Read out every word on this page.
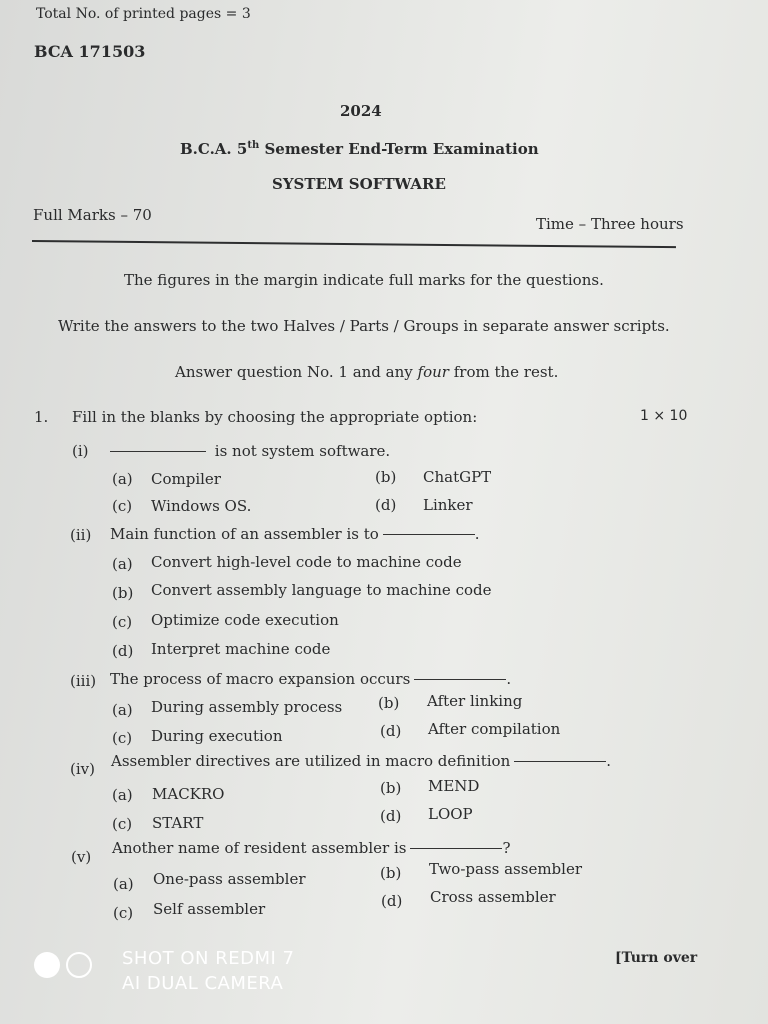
Total No. of printed pages = 3
BCA 171503
2024
B.C.A. 5th Semester End-Term Examination
SYSTEM SOFTWARE
Full Marks – 70	Time – Three hours
The figures in the margin indicate full marks for the questions.
Write the answers to the two Halves / Parts / Groups in separate answer scripts.
Answer question No. 1 and any four from the rest.
1. Fill in the blanks by choosing the appropriate option:	1 × 10
(i)	is not system software.
(a) Compiler	(b) ChatGPT
(c) Windows OS.	(d) Linker
(ii) Main function of an assembler is to	.
(a) Convert high-level code to machine code
(b) Convert assembly language to machine code
(c) Optimize code execution
(d) Interpret machine code
(iii) The process of macro expansion occurs	.
(a) During assembly process (b) After linking
(c) During execution	(d) After compilation
(iv) Assembler directives are utilized in macro definition	.
(a) MACKRO	(b) MEND
(c) START	(d) LOOP
(v) Another name of resident assembler is	?
(a) One-pass assembler	(b) Two-pass assembler
(c) Self assembler	(d) Cross assembler
[Turn over
SHOT ON REDMI 7
AI DUAL CAMERA
